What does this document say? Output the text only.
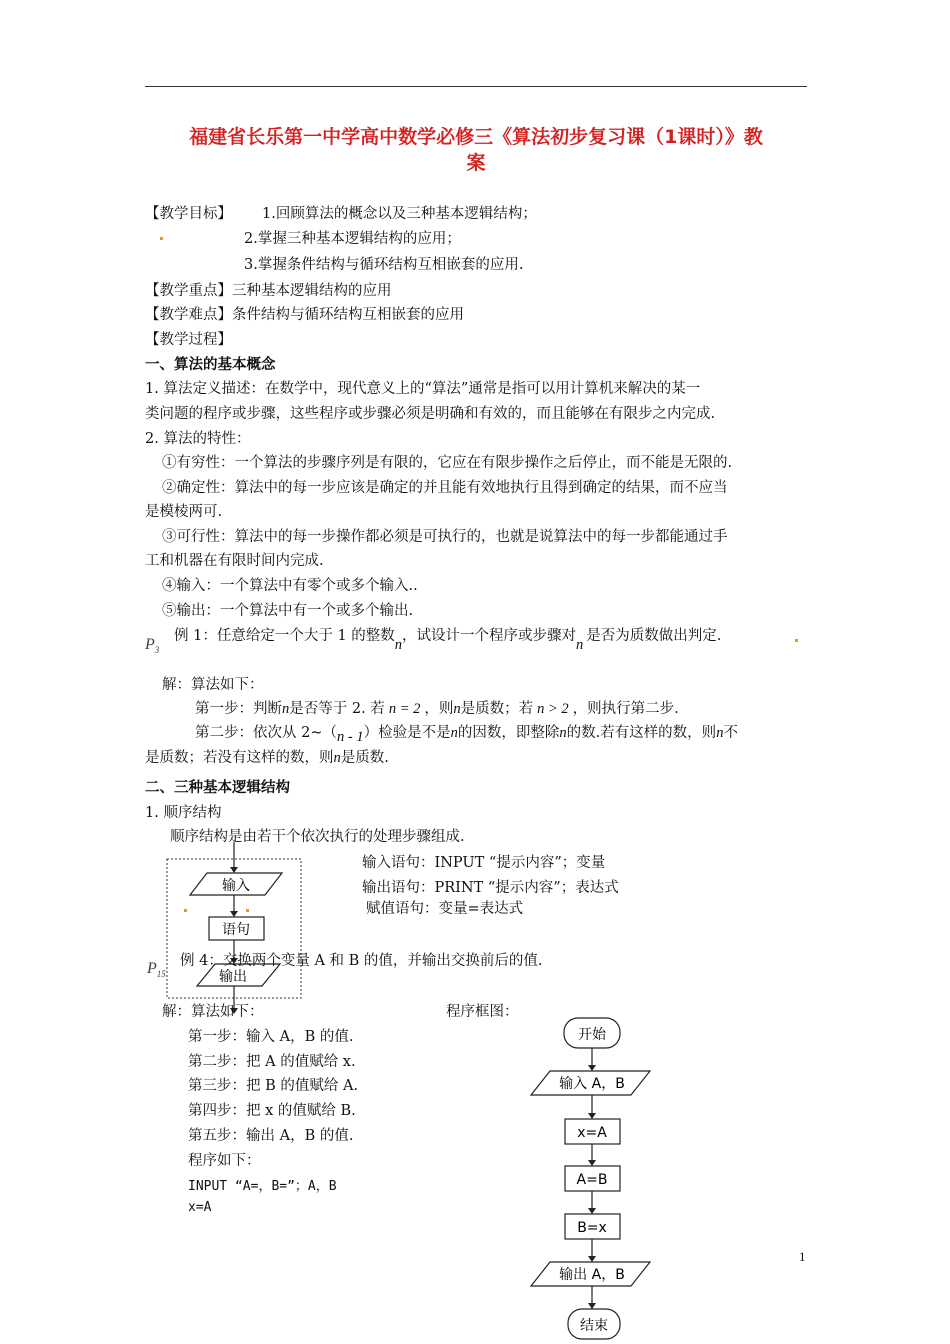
福建省长乐第一中学高中数学必修三《算法初步复习课（1课时）》教
案
【教学目标】 1.回顾算法的概念以及三种基本逻辑结构；
2.掌握三种基本逻辑结构的应用；
3.掌握条件结构与循环结构互相嵌套的应用.
【教学重点】三种基本逻辑结构的应用
【教学难点】条件结构与循环结构互相嵌套的应用
【教学过程】
一、算法的基本概念
1. 算法定义描述：在数学中，现代意义上的“算法”通常是指可以用计算机来解决的某一
类问题的程序或步骤，这些程序或步骤必须是明确和有效的，而且能够在有限步之内完成.
2. 算法的特性：
①有穷性：一个算法的步骤序列是有限的，它应在有限步操作之后停止，而不能是无限的.
②确定性：算法中的每一步应该是确定的并且能有效地执行且得到确定的结果，而不应当
是模棱两可.
③可行性：算法中的每一步操作都必须是可执行的，也就是说算法中的每一步都能通过手
工和机器在有限时间内完成.
④输入：一个算法中有零个或多个输入..
⑤输出：一个算法中有一个或多个输出.
$P_3$
例 1：任意给定一个大于 1 的整数n，试设计一个程序或步骤对n是否为质数做出判定.
解：算法如下：
第一步：判断n是否等于 2. 若 n = 2 ，则n是质数；若 n > 2 ，则执行第二步.
第二步：依次从 2~（n - 1）检验是不是n的因数，即整除n的数.若有这样的数，则n不
是质数；若没有这样的数，则n是质数.
二、三种基本逻辑结构
1. 顺序结构
顺序结构是由若干个依次执行的处理步骤组成.
输入
语句
输出
输入语句：INPUT “提示内容”；变量
输出语句：PRINT “提示内容”；表达式
赋值语句：变量=表达式
$P_{15}$
例 4：交换两个变量 A 和 B 的值，并输出交换前后的值.
解：算法如下：	程序框图：
第一步：输入 A，B 的值.
第二步：把 A 的值赋给 x.
第三步：把 B 的值赋给 A.
第四步：把 x 的值赋给 B.
第五步：输出 A，B 的值.
程序如下：
INPUT “A=，B=”；A，B
x=A
开始
输入 A，B
x=A
A=B
B=x
输出 A，B
结束
1
